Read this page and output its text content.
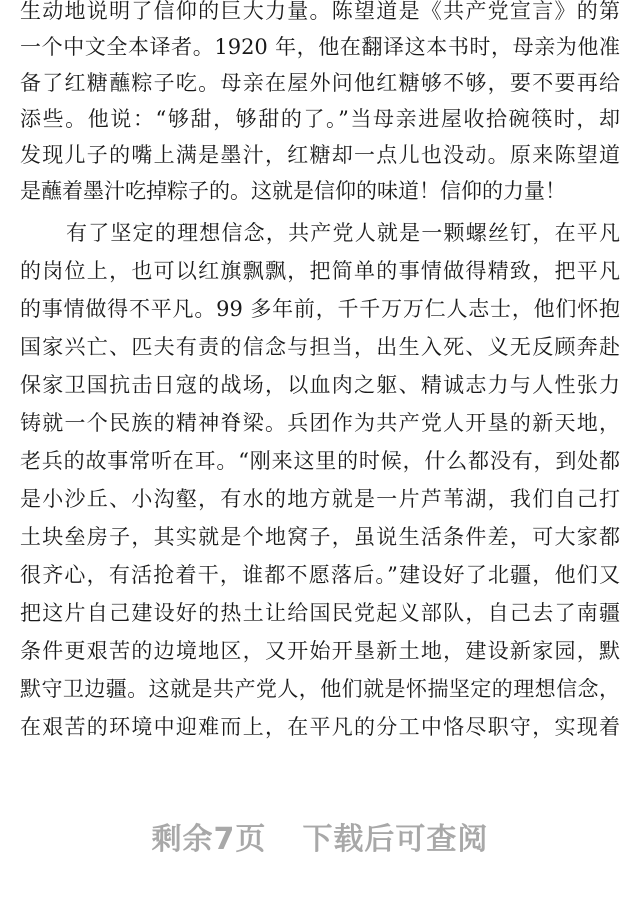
生动地说明了信仰的巨大力量。陈望道是《共产党宣言》的第
一个中文全本译者。1920 年，他在翻译这本书时，母亲为他准
备了红糖蘸粽子吃。母亲在屋外问他红糖够不够，要不要再给
添些。他说：“够甜，够甜的了。”当母亲进屋收拾碗筷时，却
发现儿子的嘴上满是墨汁，红糖却一点儿也没动。原来陈望道
是蘸着墨汁吃掉粽子的。这就是信仰的味道！信仰的力量！
有了坚定的理想信念，共产党人就是一颗螺丝钉，在平凡
的岗位上，也可以红旗飘飘，把简单的事情做得精致，把平凡
的事情做得不平凡。99 多年前，千千万万仁人志士，他们怀抱
国家兴亡、匹夫有责的信念与担当，出生入死、义无反顾奔赴
保家卫国抗击日寇的战场，以血肉之躯、精诚志力与人性张力
铸就一个民族的精神脊梁。兵团作为共产党人开垦的新天地，
老兵的故事常听在耳。“刚来这里的时候，什么都没有，到处都
是小沙丘、小沟壑，有水的地方就是一片芦苇湖，我们自己打
土块垒房子，其实就是个地窝子，虽说生活条件差，可大家都
很齐心，有活抢着干，谁都不愿落后。”建设好了北疆，他们又
把这片自己建设好的热土让给国民党起义部队，自己去了南疆
条件更艰苦的边境地区，又开始开垦新土地，建设新家园，默
默守卫边疆。这就是共产党人，他们就是怀揣坚定的理想信念，
在艰苦的环境中迎难而上，在平凡的分工中恪尽职守，实现着
剩余7页 下载后可查阅
